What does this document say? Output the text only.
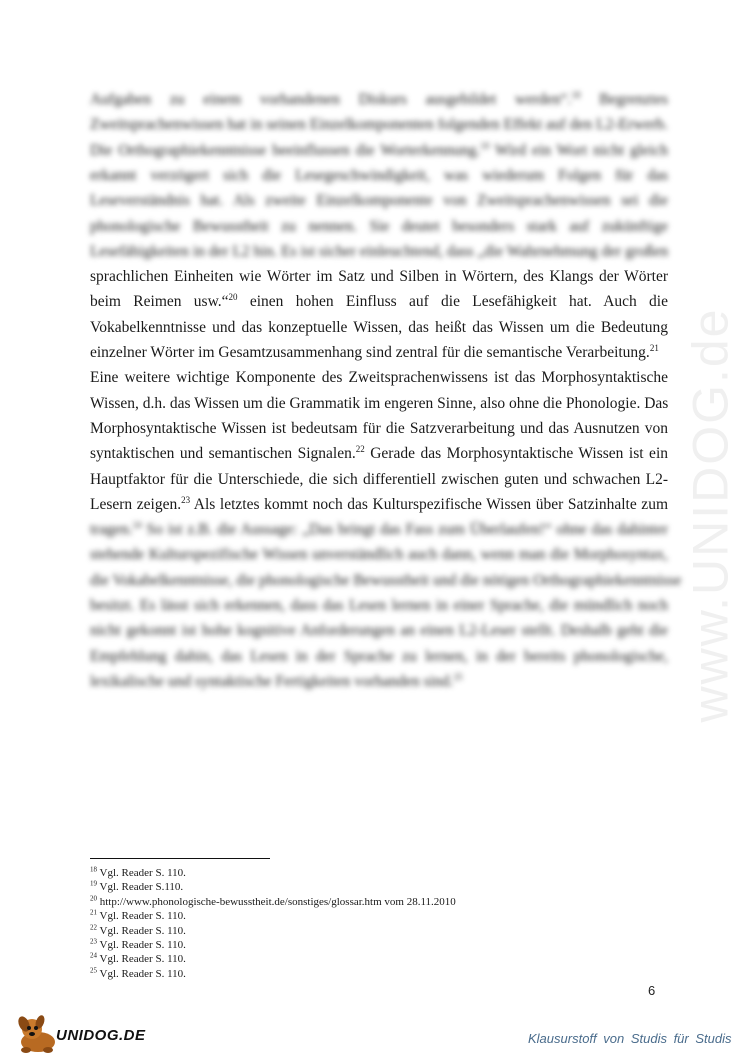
www.UNIDOG.de
Aufgaben zu einem vorhandenen Diskurs ausgebildet werden“.$^{18}$ Begrenztes
Zweitsprachenwissen hat in seinen Einzelkomponenten folgenden Effekt auf den L2-Erwerb.
Die Orthographiekenntnisse beeinflussen die Worterkennung.$^{19}$ Wird ein Wort nicht gleich
erkannt verzögert sich die Lesegeschwindigkeit, was wiederum Folgen für das
Leseverständnis hat. Als zweite Einzelkomponente von Zweitsprachenwissen sei die
phonologische Bewusstheit zu nennen. Sie deutet besonders stark auf zukünftige
Lesefähigkeiten in der L2 hin. Es ist sicher einleuchtend, dass „die Wahrnehmung der großen
sprachlichen Einheiten wie Wörter im Satz und Silben in Wörtern, des Klangs der Wörter
beim Reimen usw.“$^{20}$ einen hohen Einfluss auf die Lesefähigkeit hat. Auch die
Vokabelkenntnisse und das konzeptuelle Wissen, das heißt das Wissen um die Bedeutung
einzelner Wörter im Gesamtzusammenhang sind zentral für die semantische Verarbeitung.$^{21}$
Eine weitere wichtige Komponente des Zweitsprachenwissens ist das Morphosyntaktische
Wissen, d.h. das Wissen um die Grammatik im engeren Sinne, also ohne die Phonologie. Das
Morphosyntaktische Wissen ist bedeutsam für die Satzverarbeitung und das Ausnutzen von
syntaktischen und semantischen Signalen.$^{22}$ Gerade das Morphosyntaktische Wissen ist ein
Hauptfaktor für die Unterschiede, die sich differentiell zwischen guten und schwachen L2-
Lesern zeigen.$^{23}$ Als letztes kommt noch das Kulturspezifische Wissen über Satzinhalte zum
tragen.$^{24}$ So ist z.B. die Aussage: „Das bringt das Fass zum Überlaufen!“ ohne das dahinter
stehende Kulturspezifische Wissen unverständlich auch dann, wenn man die Morphosyntax,
die Vokabelkenntnisse, die phonologische Bewusstheit und die nötigen Orthographiekenntnisse
besitzt. Es lässt sich erkennen, dass das Lesen lernen in einer Sprache, die mündlich noch
nicht gekonnt ist hohe kognitive Anforderungen an einen L2-Leser stellt. Deshalb geht die
Empfehlung dahin, das Lesen in der Sprache zu lernen, in der bereits phonologische,
lexikalische und syntaktische Fertigkeiten vorhanden sind.$^{25}$
$^{18}$ Vgl. Reader S. 110.
$^{19}$ Vgl. Reader S.110.
$^{20}$ http://www.phonologische-bewusstheit.de/sonstiges/glossar.htm vom 28.11.2010
$^{21}$ Vgl. Reader S. 110.
$^{22}$ Vgl. Reader S. 110.
$^{23}$ Vgl. Reader S. 110.
$^{24}$ Vgl. Reader S. 110.
$^{25}$ Vgl. Reader S. 110.
6
UNIDOG.DE	Klausurstoff von Studis für Studis
